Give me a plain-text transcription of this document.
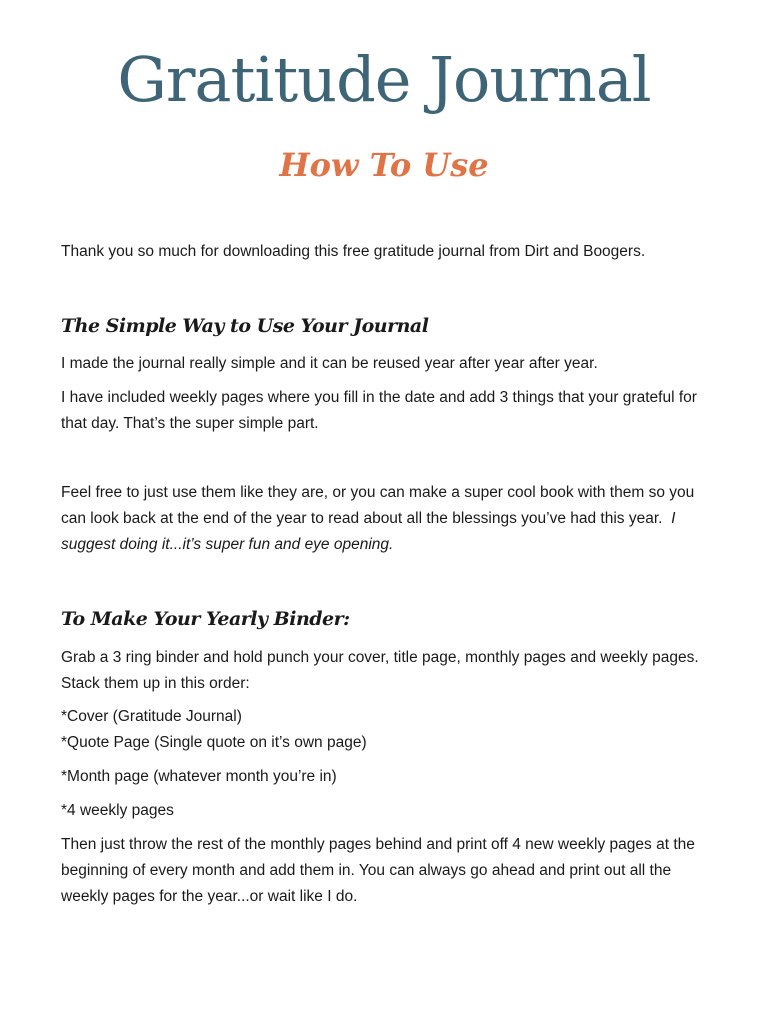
Gratitude Journal
How To Use

Thank you so much for downloading this free gratitude journal from Dirt and Boogers.

The Simple Way to Use Your Journal

I made the journal really simple and it can be reused year after year after year.

I have included weekly pages where you fill in the date and add 3 things that your grateful for that day. That’s the super simple part.

Feel free to just use them like they are, or you can make a super cool book with them so you can look back at the end of the year to read about all the blessings you’ve had this year. I suggest doing it...it’s super fun and eye opening.

To Make Your Yearly Binder:

Grab a 3 ring binder and hold punch your cover, title page, monthly pages and weekly pages. Stack them up in this order:

*Cover (Gratitude Journal)

*Quote Page (Single quote on it’s own page)

*Month page (whatever month you’re in)

*4 weekly pages

Then just throw the rest of the monthly pages behind and print off 4 new weekly pages at the beginning of every month and add them in. You can always go ahead and print out all the weekly pages for the year...or wait like I do.
